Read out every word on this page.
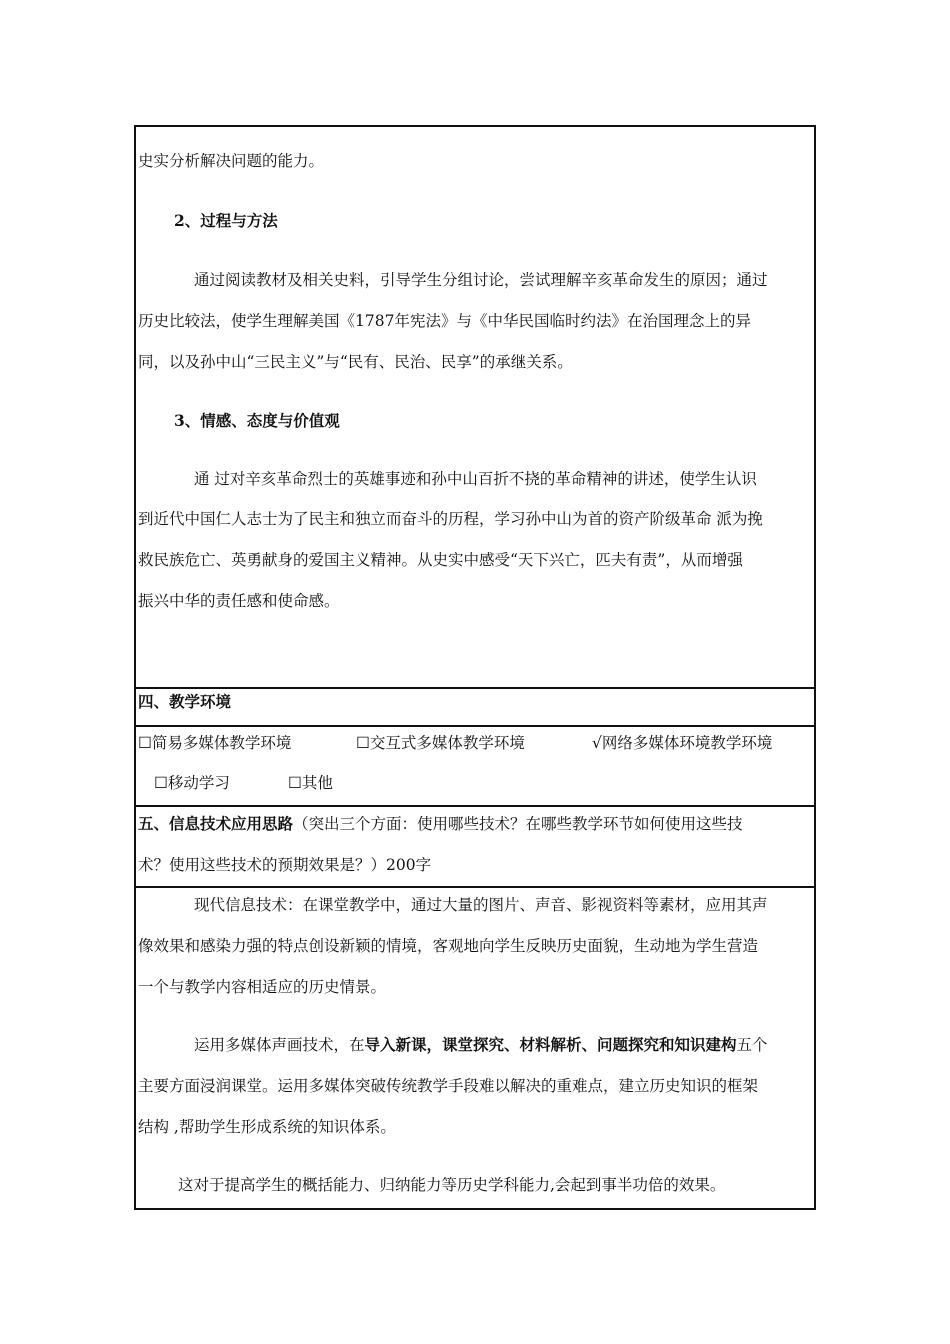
史实分析解决问题的能力。
2、过程与方法
通过阅读教材及相关史料，引导学生分组讨论，尝试理解辛亥革命发生的原因；通过
历史比较法，使学生理解美国《1787年宪法》与《中华民国临时约法》在治国理念上的异
同，以及孙中山“三民主义”与“民有、民治、民享”的承继关系。
3、情感、态度与价值观
通 过对辛亥革命烈士的英雄事迹和孙中山百折不挠的革命精神的讲述，使学生认识
到近代中国仁人志士为了民主和独立而奋斗的历程，学习孙中山为首的资产阶级革命 派为挽
救民族危亡、英勇献身的爱国主义精神。从史实中感受“天下兴亡，匹夫有责”，从而增强
振兴中华的责任感和使命感。
四、教学环境
☐简易多媒体教学环境	☐交互式多媒体教学环境	√网络多媒体环境教学环境
☐移动学习	☐其他
五、信息技术应用思路（突出三个方面：使用哪些技术？在哪些教学环节如何使用这些技
术？使用这些技术的预期效果是？）200字
现代信息技术：在课堂教学中，通过大量的图片、声音、影视资料等素材，应用其声
像效果和感染力强的特点创设新颖的情境，客观地向学生反映历史面貌，生动地为学生营造
一个与教学内容相适应的历史情景。
运用多媒体声画技术，在导入新课，课堂探究、材料解析、问题探究和知识建构五个
主要方面浸润课堂。运用多媒体突破传统教学手段难以解决的重难点，建立历史知识的框架
结构 ,帮助学生形成系统的知识体系。
这对于提高学生的概括能力、归纳能力等历史学科能力,会起到事半功倍的效果。
